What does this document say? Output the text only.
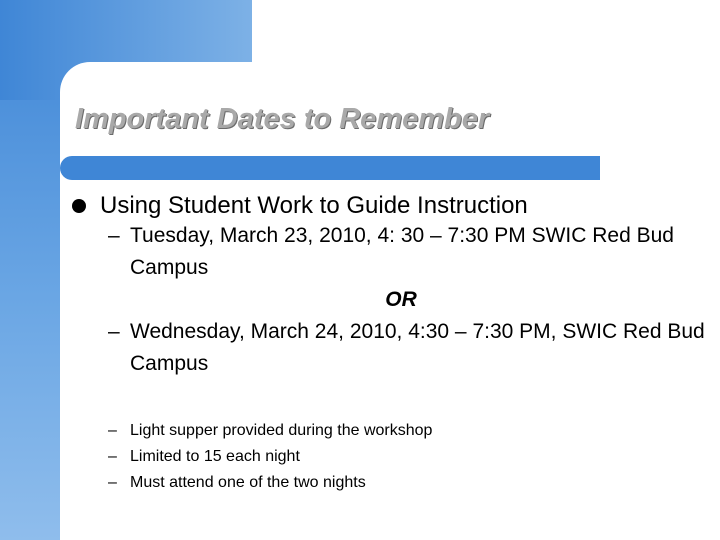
Important Dates to Remember
Using Student Work to Guide Instruction
– Tuesday, March 23, 2010, 4: 30 – 7:30 PM SWIC Red Bud Campus
OR
– Wednesday, March 24, 2010, 4:30 – 7:30 PM, SWIC Red Bud Campus
– Light supper provided during the workshop
– Limited to 15 each night
– Must attend one of the two nights
